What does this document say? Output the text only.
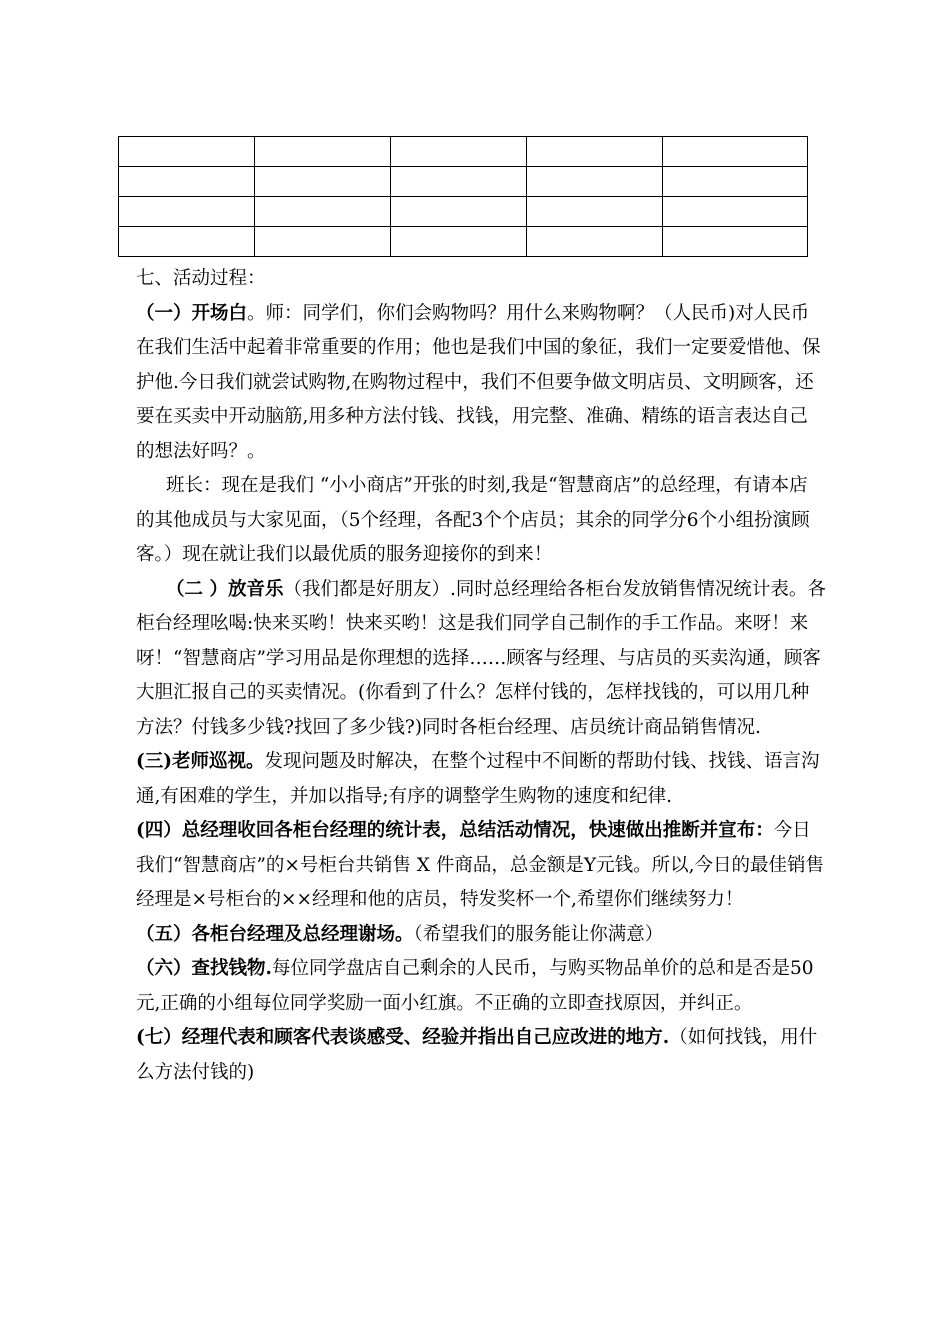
七、活动过程：

（一）开场白。师：同学们，你们会购物吗？用什么来购物啊？（人民币)对人民币在我们生活中起着非常重要的作用；他也是我们中国的象征，我们一定要爱惜他、保护他.今日我们就尝试购物,在购物过程中，我们不但要争做文明店员、文明顾客，还要在买卖中开动脑筋,用多种方法付钱、找钱，用完整、准确、精练的语言表达自己的想法好吗？。

班长：现在是我们 “小小商店”开张的时刻,我是“智慧商店”的总经理，有请本店的其他成员与大家见面，（5个经理，各配3个个店员；其余的同学分6个小组扮演顾客。）现在就让我们以最优质的服务迎接你的到来！

（二 ）放音乐（我们都是好朋友）.同时总经理给各柜台发放销售情况统计表。各柜台经理吆喝:快来买哟！快来买哟！这是我们同学自己制作的手工作品。来呀！来呀！“智慧商店”学习用品是你理想的选择……顾客与经理、与店员的买卖沟通，顾客大胆汇报自己的买卖情况。(你看到了什么？怎样付钱的，怎样找钱的，可以用几种方法？付钱多少钱?找回了多少钱?)同时各柜台经理、店员统计商品销售情况.

(三)老师巡视。发现问题及时解决，在整个过程中不间断的帮助付钱、找钱、语言沟通,有困难的学生，并加以指导;有序的调整学生购物的速度和纪律.

(四）总经理收回各柜台经理的统计表，总结活动情况，快速做出推断并宣布：今日我们“智慧商店”的×号柜台共销售 X 件商品，总金额是Y元钱。所以,今日的最佳销售经理是×号柜台的××经理和他的店员，特发奖杯一个,希望你们继续努力！

（五）各柜台经理及总经理谢场。（希望我们的服务能让你满意）

（六）查找钱物.每位同学盘店自己剩余的人民币，与购买物品单价的总和是否是50元,正确的小组每位同学奖励一面小红旗。不正确的立即查找原因，并纠正。

(七）经理代表和顾客代表谈感受、经验并指出自己应改进的地方.（如何找钱，用什么方法付钱的)
